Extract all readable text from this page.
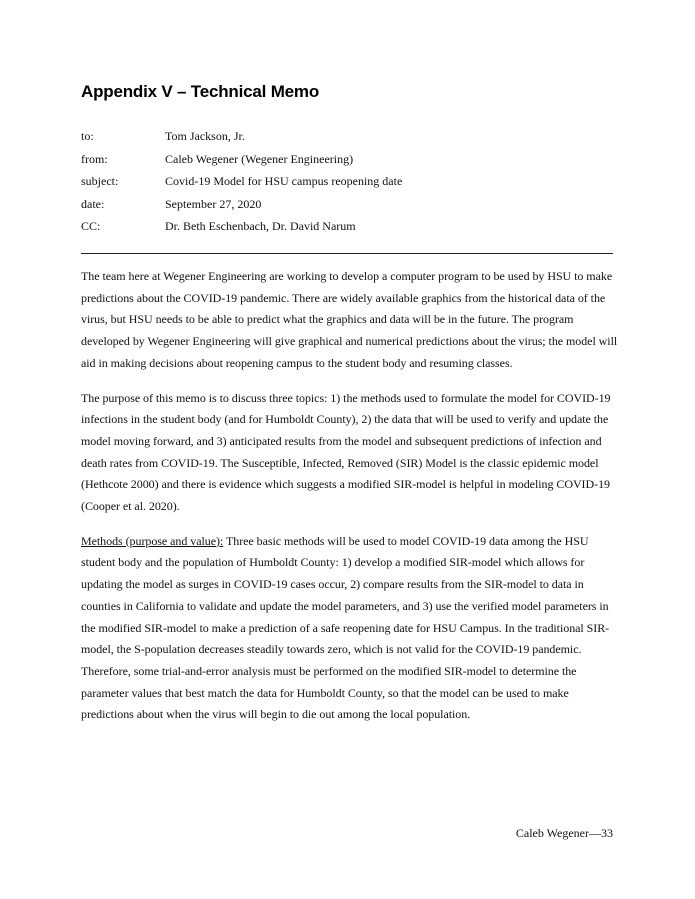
Appendix V – Technical Memo
to:	Tom Jackson, Jr.
from:	Caleb Wegener (Wegener Engineering)
subject:	Covid-19 Model for HSU campus reopening date
date:	September 27, 2020
CC:	Dr. Beth Eschenbach, Dr. David Narum

The team here at Wegener Engineering are working to develop a computer program to be used by HSU to make predictions about the COVID-19 pandemic. There are widely available graphics from the historical data of the virus, but HSU needs to be able to predict what the graphics and data will be in the future. The program developed by Wegener Engineering will give graphical and numerical predictions about the virus; the model will aid in making decisions about reopening campus to the student body and resuming classes.

The purpose of this memo is to discuss three topics: 1) the methods used to formulate the model for COVID-19 infections in the student body (and for Humboldt County), 2) the data that will be used to verify and update the model moving forward, and 3) anticipated results from the model and subsequent predictions of infection and death rates from COVID-19. The Susceptible, Infected, Removed (SIR) Model is the classic epidemic model (Hethcote 2000) and there is evidence which suggests a modified SIR-model is helpful in modeling COVID-19 (Cooper et al. 2020).

Methods (purpose and value): Three basic methods will be used to model COVID-19 data among the HSU student body and the population of Humboldt County: 1) develop a modified SIR-model which allows for updating the model as surges in COVID-19 cases occur, 2) compare results from the SIR-model to data in counties in California to validate and update the model parameters, and 3) use the verified model parameters in the modified SIR-model to make a prediction of a safe reopening date for HSU Campus. In the traditional SIR-model, the S-population decreases steadily towards zero, which is not valid for the COVID-19 pandemic. Therefore, some trial-and-error analysis must be performed on the modified SIR-model to determine the parameter values that best match the data for Humboldt County, so that the model can be used to make predictions about when the virus will begin to die out among the local population.

Caleb Wegener—33
